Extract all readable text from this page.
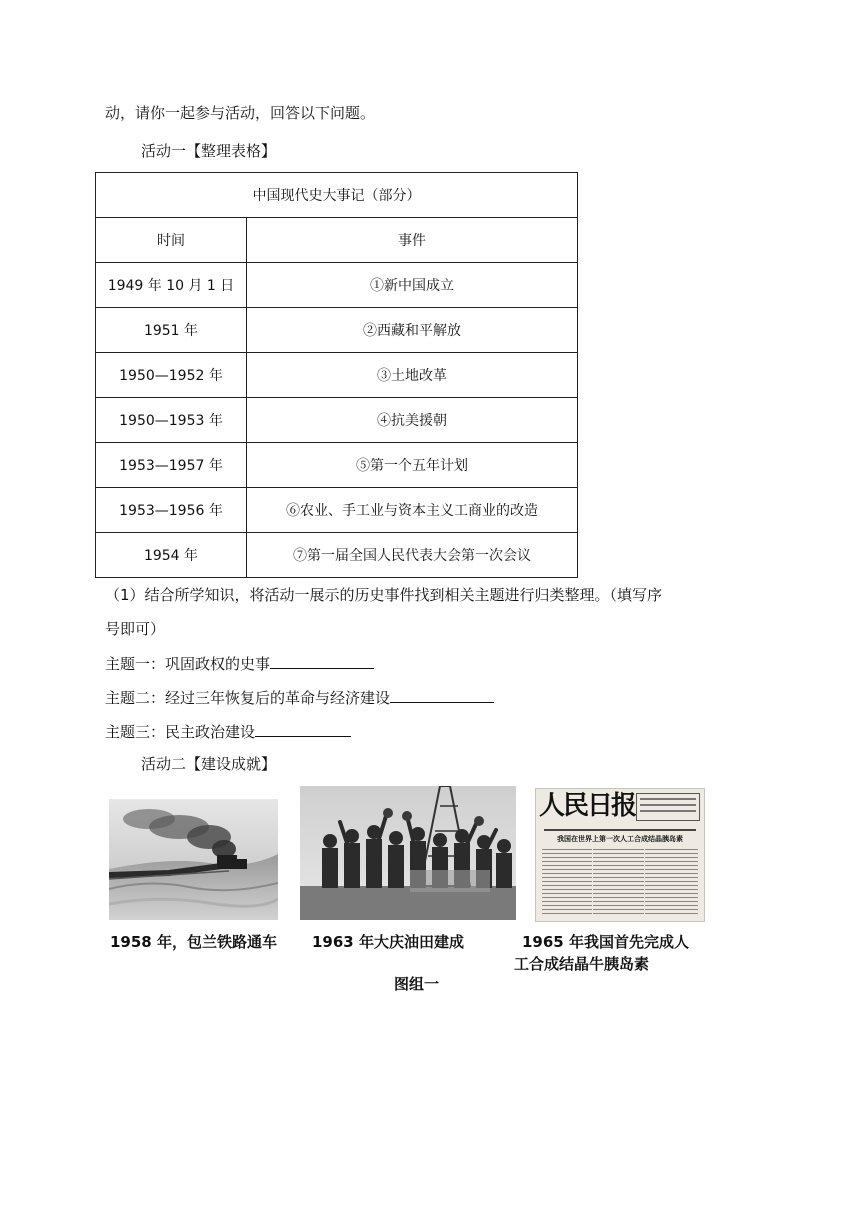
动，请你一起参与活动，回答以下问题。
活动一【整理表格】
中国现代史大事记（部分）	
时间	事件
1949 年 10 月 1 日	①新中国成立
1951 年	②西藏和平解放
1950—1952 年	③土地改革
1950—1953 年	④抗美援朝
1953—1957 年	⑤第一个五年计划
1953—1956 年	⑥农业、手工业与资本主义工商业的改造
1954 年	⑦第一届全国人民代表大会第一次会议
（1）结合所学知识，将活动一展示的历史事件找到相关主题进行归类整理。（填写序
号即可）
主题一：巩固政权的史事
主题二：经过三年恢复后的革命与经济建设
主题三：民主政治建设
活动二【建设成就】
人民日报
我国在世界上第一次人工合成结晶胰岛素
1958 年，包兰铁路通车 1963 年大庆油田建成	1965 年我国首先完成人
工合成结晶牛胰岛素
图组一
